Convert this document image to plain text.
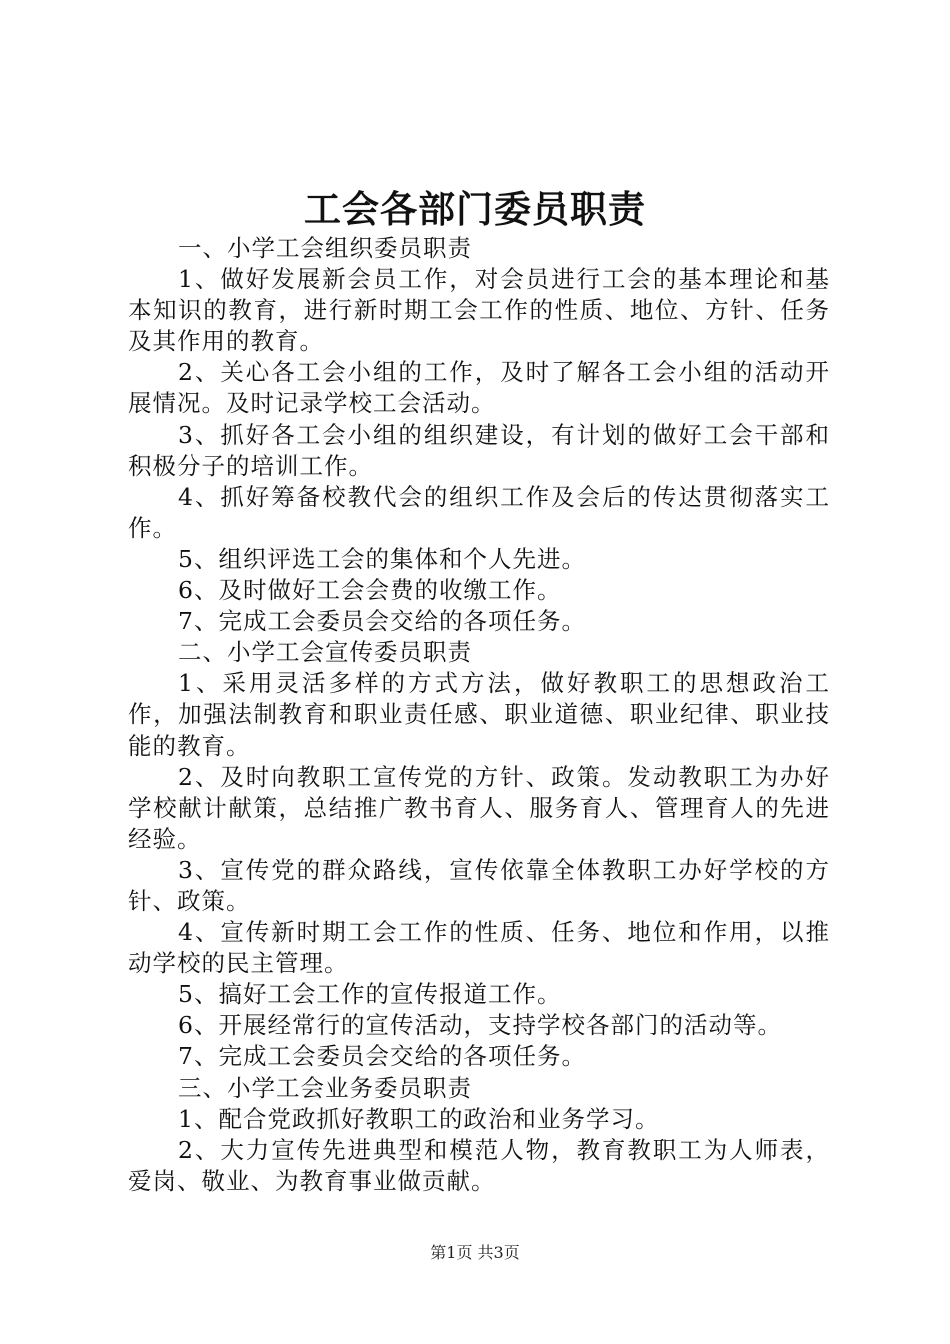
工会各部门委员职责

一、小学工会组织委员职责

1、做好发展新会员工作，对会员进行工会的基本理论和基本知识的教育，进行新时期工会工作的性质、地位、方针、任务及其作用的教育。

2、关心各工会小组的工作，及时了解各工会小组的活动开展情况。及时记录学校工会活动。

3、抓好各工会小组的组织建设，有计划的做好工会干部和积极分子的培训工作。

4、抓好筹备校教代会的组织工作及会后的传达贯彻落实工作。

5、组织评选工会的集体和个人先进。

6、及时做好工会会费的收缴工作。

7、完成工会委员会交给的各项任务。

二、小学工会宣传委员职责

1、采用灵活多样的方式方法，做好教职工的思想政治工作，加强法制教育和职业责任感、职业道德、职业纪律、职业技能的教育。

2、及时向教职工宣传党的方针、政策。发动教职工为办好学校献计献策，总结推广教书育人、服务育人、管理育人的先进经验。

3、宣传党的群众路线，宣传依靠全体教职工办好学校的方针、政策。

4、宣传新时期工会工作的性质、任务、地位和作用，以推动学校的民主管理。

5、搞好工会工作的宣传报道工作。

6、开展经常行的宣传活动，支持学校各部门的活动等。

7、完成工会委员会交给的各项任务。

三、小学工会业务委员职责

1、配合党政抓好教职工的政治和业务学习。

2、大力宣传先进典型和模范人物，教育教职工为人师表，爱岗、敬业、为教育事业做贡献。

第1页 共3页
